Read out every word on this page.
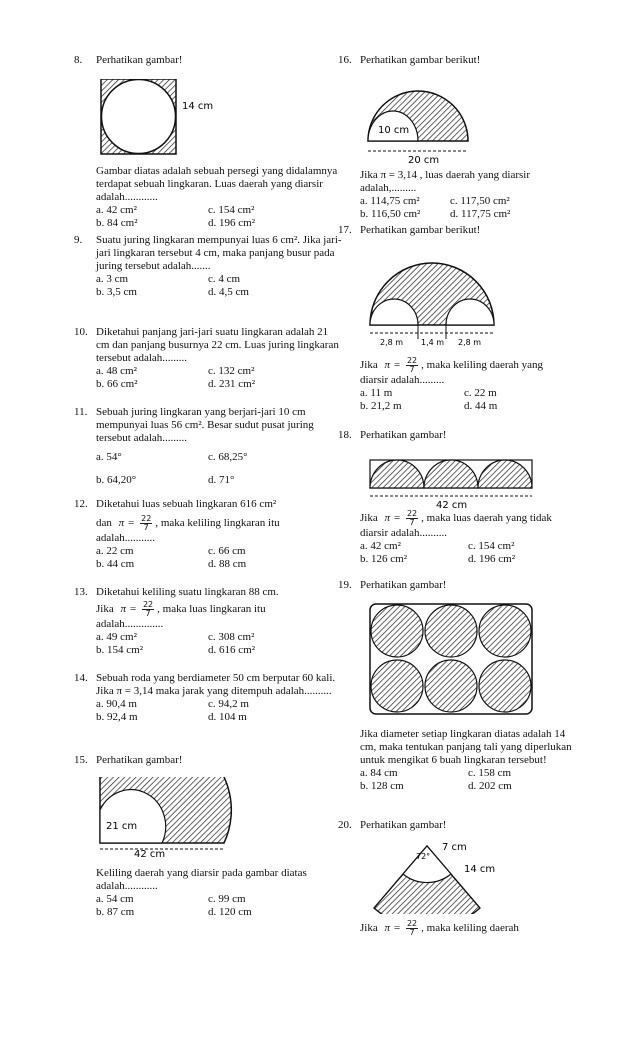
8. Perhatikan gambar!
14 cm
Gambar diatas adalah sebuah persegi yang didalamnya terdapat sebuah lingkaran. Luas daerah yang diarsir adalah............
a. 42 cm²	c. 154 cm²
b. 84 cm²	d. 196 cm²
9. Suatu juring lingkaran mempunyai luas 6 cm². Jika jari-jari lingkaran tersebut 4 cm, maka panjang busur pada juring tersebut adalah.......
a. 3 cm	c. 4 cm
b. 3,5 cm	d. 4,5 cm
10. Diketahui panjang jari-jari suatu lingkaran adalah 21 cm dan panjang busurnya 22 cm. Luas juring lingkaran tersebut adalah.........
a. 48 cm²	c. 132 cm²
b. 66 cm²	d. 231 cm²
11. Sebuah juring lingkaran yang berjari-jari 10 cm mempunyai luas 56 cm². Besar sudut pusat juring tersebut adalah.........
a. 54°	c. 68,25°
b. 64,20°	d. 71°
12. Diketahui luas sebuah lingkaran 616 cm²
dan $\pi = \frac{22}{7}$ , maka keliling lingkaran itu
adalah...........
a. 22 cm	c. 66 cm
b. 44 cm	d. 88 cm
13. Diketahui keliling suatu lingkaran 88 cm.
Jika $\pi = \frac{22}{7}$ , maka luas lingkaran itu
adalah..............
a. 49 cm²	c. 308 cm²
b. 154 cm²	d. 616 cm²
14. Sebuah roda yang berdiameter 50 cm berputar 60 kali. Jika π = 3,14 maka jarak yang ditempuh adalah..........
a. 90,4 m	c. 94,2 m
b. 92,4 m	d. 104 m
15. Perhatikan gambar!
21 cm
42 cm
Keliling daerah yang diarsir pada gambar diatas adalah............
a. 54 cm	c. 99 cm
b. 87 cm	d. 120 cm
16. Perhatikan gambar berikut!
10 cm
20 cm
Jika π = 3,14 , luas daerah yang diarsir adalah,.........
a. 114,75 cm²	c. 117,50 cm²
b. 116,50 cm²	d. 117,75 cm²
17. Perhatikan gambar berikut!
2,8 m 1,4 m 2,8 m
Jika $\pi = \frac{22}{7}$ , maka keliling daerah yang
diarsir adalah.........
a. 11 m	c. 22 m
b. 21,2 m	d. 44 m
18. Perhatikan gambar!
42 cm
Jika $\pi = \frac{22}{7}$ , maka luas daerah yang tidak
diarsir adalah..........
a. 42 cm²	c. 154 cm²
b. 126 cm²	d. 196 cm²
19. Perhatikan gambar!
Jika diameter setiap lingkaran diatas adalah 14 cm, maka tentukan panjang tali yang diperlukan untuk mengikat 6 buah lingkaran tersebut!
a. 84 cm	c. 158 cm
b. 128 cm	d. 202 cm
20. Perhatikan gambar!
7 cm
14 cm
72°
Jika $\pi = \frac{22}{7}$ , maka keliling daerah
